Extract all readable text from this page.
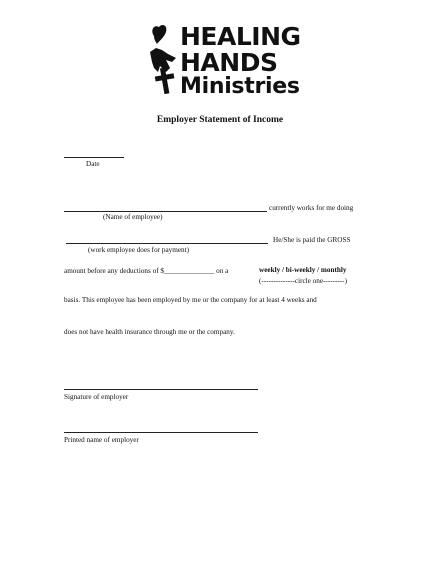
HEALING
HANDS
Ministries
Employer Statement of Income
Date
currently works for me doing
(Name of employee)
He/She is paid the GROSS
(work employee does for payment)
amount before any deductions of $______________ on a	weekly / bi-weekly / monthly
(--------------circle one---------)
basis. This employee has been employed by me or the company for at least 4 weeks and
does not have health insurance through me or the company.
Signature of employer
Printed name of employer
